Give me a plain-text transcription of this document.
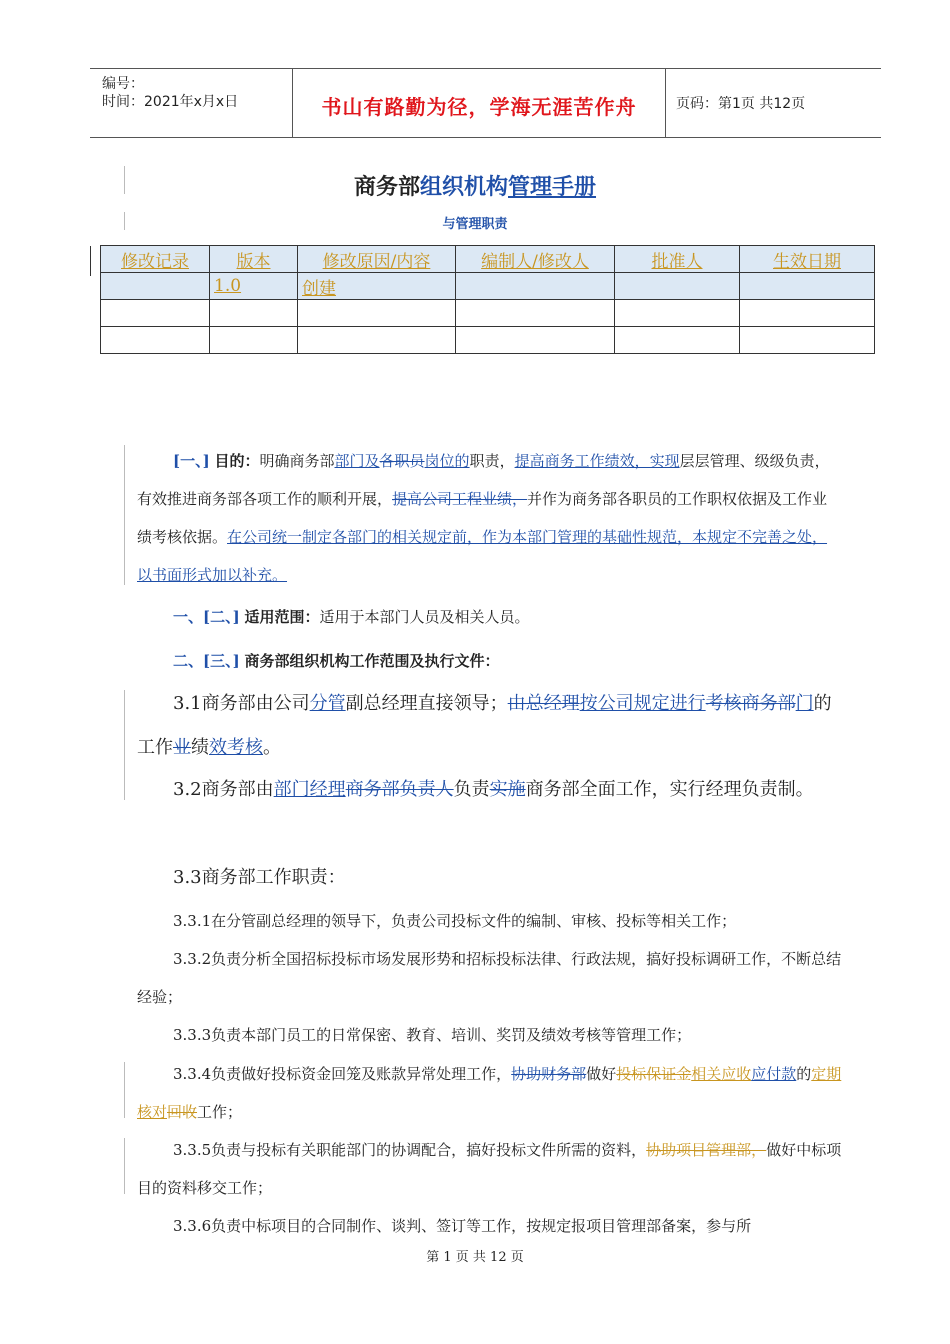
编号：
时间：2021年x月x日	书山有路勤为径，学海无涯苦作舟	页码：第1页 共12页
商务部组织机构管理手册
与管理职责
修改记录	版本	修改原因/内容	编制人/修改人	批准人	生效日期
	1.0	创建			

[一、] 目的：明确商务部部门及各职员岗位的职责，提高商务工作绩效，实现层层管理、级级负责，有效推进商务部各项工作的顺利开展，提高公司工程业绩，并作为商务部各职员的工作职权依据及工作业绩考核依据。在公司统一制定各部门的相关规定前，作为本部门管理的基础性规范，本规定不完善之处，以书面形式加以补充。
一、[二、] 适用范围：适用于本部门人员及相关人员。
二、[三、] 商务部组织机构工作范围及执行文件：
3.1商务部由公司分管副总经理直接领导；由总经理按公司规定进行考核商务部门的工作业绩效考核。
3.2商务部由部门经理商务部负责人负责实施商务部全面工作，实行经理负责制。
3.3商务部工作职责：
3.3.1在分管副总经理的领导下，负责公司投标文件的编制、审核、投标等相关工作；
3.3.2负责分析全国招标投标市场发展形势和招标投标法律、行政法规，搞好投标调研工作，不断总结经验；
3.3.3负责本部门员工的日常保密、教育、培训、奖罚及绩效考核等管理工作；
3.3.4负责做好投标资金回笼及账款异常处理工作，协助财务部做好投标保证金相关应收应付款的定期核对回收工作；
3.3.5负责与投标有关职能部门的协调配合，搞好投标文件所需的资料，协助项目管理部，做好中标项目的资料移交工作；
3.3.6负责中标项目的合同制作、谈判、签订等工作，按规定报项目管理部备案，参与所
第 1 页 共 12 页
